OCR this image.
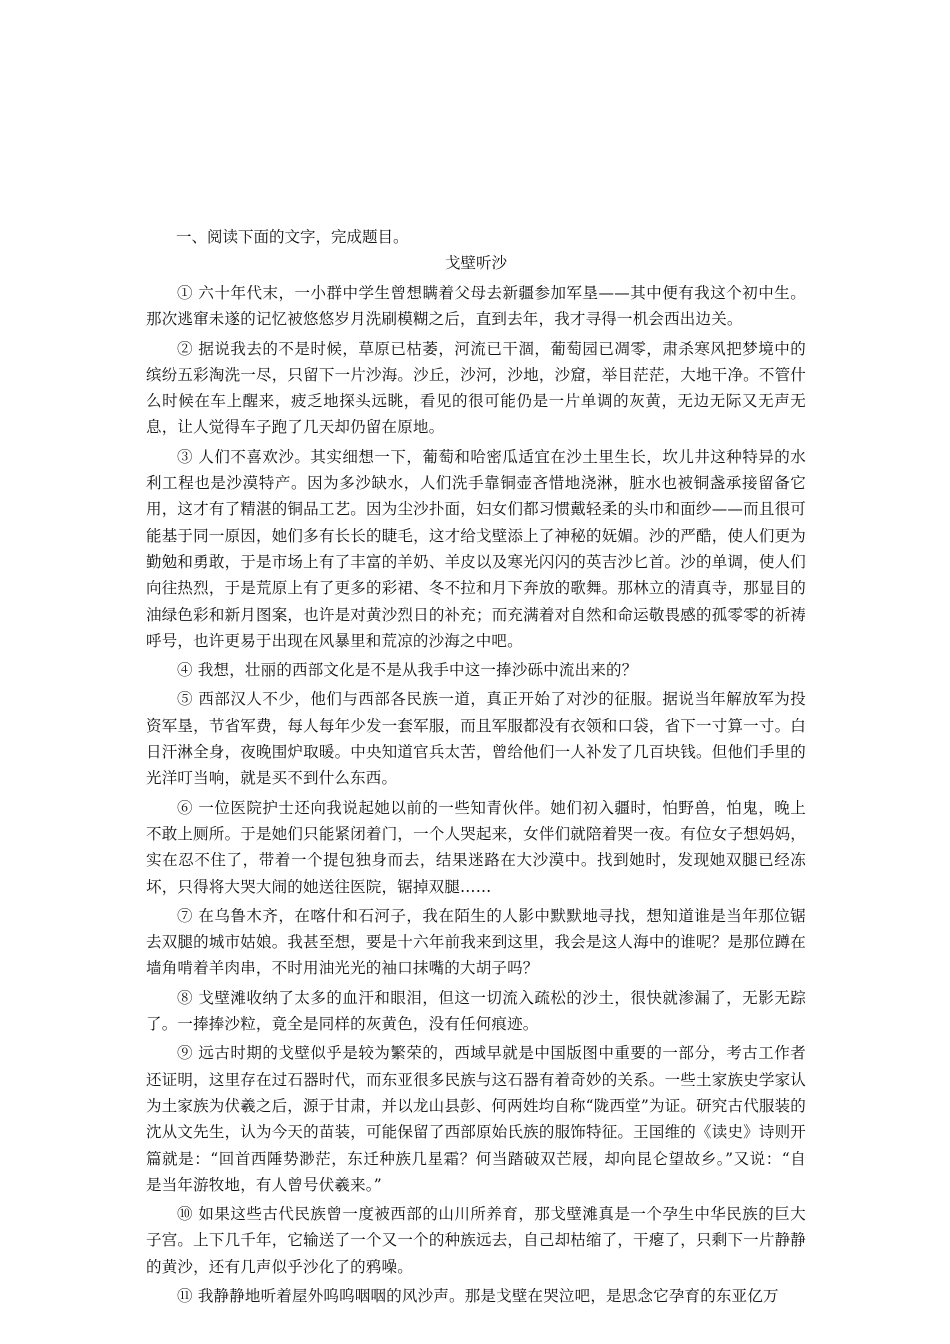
一、阅读下面的文字，完成题目。
戈壁听沙

① 六十年代末，一小群中学生曾想瞒着父母去新疆参加军垦——其中便有我这个初中生。那次逃窜未遂的记忆被悠悠岁月洗刷模糊之后，直到去年，我才寻得一机会西出边关。

② 据说我去的不是时候，草原已枯萎，河流已干涸，葡萄园已凋零，肃杀寒风把梦境中的缤纷五彩淘洗一尽，只留下一片沙海。沙丘，沙河，沙地，沙窟，举目茫茫，大地干净。不管什么时候在车上醒来，疲乏地探头远眺，看见的很可能仍是一片单调的灰黄，无边无际又无声无息，让人觉得车子跑了几天却仍留在原地。

③ 人们不喜欢沙。其实细想一下，葡萄和哈密瓜适宜在沙土里生长，坎儿井这种特异的水利工程也是沙漠特产。因为多沙缺水，人们洗手靠铜壶吝惜地浇淋，脏水也被铜盏承接留备它用，这才有了精湛的铜品工艺。因为尘沙扑面，妇女们都习惯戴轻柔的头巾和面纱——而且很可能基于同一原因，她们多有长长的睫毛，这才给戈壁添上了神秘的妩媚。沙的严酷，使人们更为勤勉和勇敢，于是市场上有了丰富的羊奶、羊皮以及寒光闪闪的英吉沙匕首。沙的单调，使人们向往热烈，于是荒原上有了更多的彩裙、冬不拉和月下奔放的歌舞。那林立的清真寺，那显目的油绿色彩和新月图案，也许是对黄沙烈日的补充；而充满着对自然和命运敬畏感的孤零零的祈祷呼号，也许更易于出现在风暴里和荒凉的沙海之中吧。

④ 我想，壮丽的西部文化是不是从我手中这一捧沙砾中流出来的？

⑤ 西部汉人不少，他们与西部各民族一道，真正开始了对沙的征服。据说当年解放军为投资军垦，节省军费，每人每年少发一套军服，而且军服都没有衣领和口袋，省下一寸算一寸。白日汗淋全身，夜晚围炉取暖。中央知道官兵太苦，曾给他们一人补发了几百块钱。但他们手里的光洋叮当响，就是买不到什么东西。

⑥ 一位医院护士还向我说起她以前的一些知青伙伴。她们初入疆时，怕野兽，怕鬼，晚上不敢上厕所。于是她们只能紧闭着门，一个人哭起来，女伴们就陪着哭一夜。有位女子想妈妈，实在忍不住了，带着一个提包独身而去，结果迷路在大沙漠中。找到她时，发现她双腿已经冻坏，只得将大哭大闹的她送往医院，锯掉双腿……

⑦ 在乌鲁木齐，在喀什和石河子，我在陌生的人影中默默地寻找，想知道谁是当年那位锯去双腿的城市姑娘。我甚至想，要是十六年前我来到这里，我会是这人海中的谁呢？是那位蹲在墙角啃着羊肉串，不时用油光光的袖口抹嘴的大胡子吗？

⑧ 戈壁滩收纳了太多的血汗和眼泪，但这一切流入疏松的沙土，很快就渗漏了，无影无踪了。一捧捧沙粒，竟全是同样的灰黄色，没有任何痕迹。

⑨ 远古时期的戈壁似乎是较为繁荣的，西域早就是中国版图中重要的一部分，考古工作者还证明，这里存在过石器时代，而东亚很多民族与这石器有着奇妙的关系。一些土家族史学家认为土家族为伏羲之后，源于甘肃，并以龙山县彭、何两姓均自称“陇西堂”为证。研究古代服装的沈从文先生，认为今天的苗装，可能保留了西部原始氏族的服饰特征。王国维的《读史》诗则开篇就是：“回首西陲势渺茫，东迁种族几星霜？何当踏破双芒屐，却向昆仑望故乡。”又说：“自是当年游牧地，有人曾号伏羲来。”

⑩ 如果这些古代民族曾一度被西部的山川所养育，那戈壁滩真是一个孕生中华民族的巨大子宫。上下几千年，它输送了一个又一个的种族远去，自己却枯缩了，干瘪了，只剩下一片静静的黄沙，还有几声似乎沙化了的鸦噪。

⑪ 我静静地听着屋外呜呜咽咽的风沙声。那是戈壁在哭泣吧，是思念它孕育的东亚亿万
